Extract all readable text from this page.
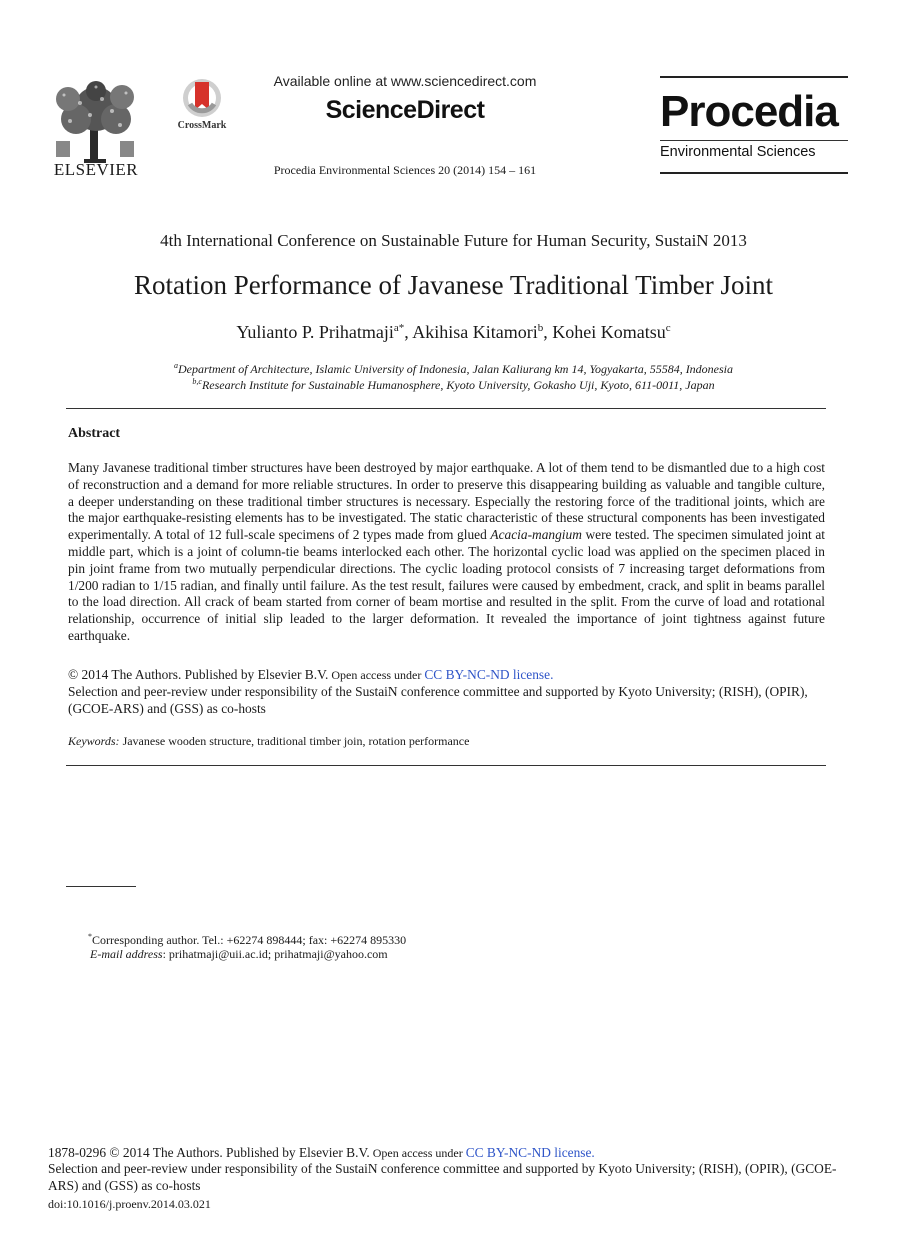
ELSEVIER
CrossMark
Available online at www.sciencedirect.com
ScienceDirect
Procedia Environmental Sciences 20 (2014) 154 – 161
Procedia
Environmental Sciences
4th International Conference on Sustainable Future for Human Security, SustaiN 2013
Rotation Performance of Javanese Traditional Timber Joint
Yulianto P. Prihatmaji$^{a*}$, Akihisa Kitamori$^b$, Kohei Komatsu$^c$
$^a$Department of Architecture, Islamic University of Indonesia, Jalan Kaliurang km 14, Yogyakarta, 55584, Indonesia
$^{b,c}$Research Institute for Sustainable Humanosphere, Kyoto University, Gokasho Uji, Kyoto, 611-0011, Japan
Abstract
Many Javanese traditional timber structures have been destroyed by major earthquake. A lot of them tend to be dismantled due to a high cost of reconstruction and a demand for more reliable structures. In order to preserve this disappearing building as valuable and tangible culture, a deeper understanding on these traditional timber structures is necessary. Especially the restoring force of the traditional joints, which are the major earthquake-resisting elements has to be investigated. The static characteristic of these structural components has been investigated experimentally. A total of 12 full-scale specimens of 2 types made from glued Acacia-mangium were tested. The specimen simulated joint at middle part, which is a joint of column-tie beams interlocked each other. The horizontal cyclic load was applied on the specimen placed in pin joint frame from two mutually perpendicular directions. The cyclic loading protocol consists of 7 increasing target deformations from 1/200 radian to 1/15 radian, and finally until failure. As the test result, failures were caused by embedment, crack, and split in beams parallel to the load direction. All crack of beam started from corner of beam mortise and resulted in the split. From the curve of load and rotational relationship, occurrence of initial slip leaded to the larger deformation. It revealed the importance of joint tightness against future earthquake.
© 2014 The Authors. Published by Elsevier B.V. Open access under CC BY-NC-ND license.
Selection and peer-review under responsibility of the SustaiN conference committee and supported by Kyoto University; (RISH), (OPIR), (GCOE-ARS) and (GSS) as co-hosts
Keywords: Javanese wooden structure, traditional timber join, rotation performance
*Corresponding author. Tel.: +62274 898444; fax: +62274 895330
E-mail address: prihatmaji@uii.ac.id; prihatmaji@yahoo.com
1878-0296 © 2014 The Authors. Published by Elsevier B.V. Open access under CC BY-NC-ND license.
Selection and peer-review under responsibility of the SustaiN conference committee and supported by Kyoto University; (RISH), (OPIR), (GCOE-ARS) and (GSS) as co-hosts
doi:10.1016/j.proenv.2014.03.021
